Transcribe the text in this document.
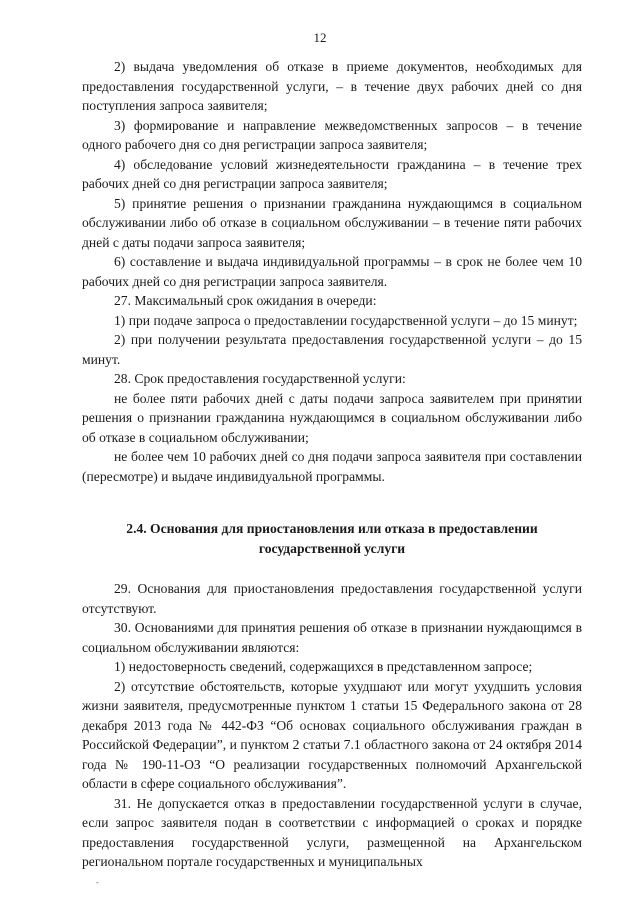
12

2) выдача уведомления об отказе в приеме документов, необходимых для предоставления государственной услуги, – в течение двух рабочих дней со дня поступления запроса заявителя;

3) формирование и направление межведомственных запросов – в течение одного рабочего дня со дня регистрации запроса заявителя;

4) обследование условий жизнедеятельности гражданина – в течение трех рабочих дней со дня регистрации запроса заявителя;

5) принятие решения о признании гражданина нуждающимся в социальном обслуживании либо об отказе в социальном обслуживании – в течение пяти рабочих дней с даты подачи запроса заявителя;

6) составление и выдача индивидуальной программы – в срок не более чем 10 рабочих дней со дня регистрации запроса заявителя.

27. Максимальный срок ожидания в очереди:

1) при подаче запроса о предоставлении государственной услуги – до 15 минут;

2) при получении результата предоставления государственной услуги – до 15 минут.

28. Срок предоставления государственной услуги:

не более пяти рабочих дней с даты подачи запроса заявителем при принятии решения о признании гражданина нуждающимся в социальном обслуживании либо об отказе в социальном обслуживании;

не более чем 10 рабочих дней со дня подачи запроса заявителя при составлении (пересмотре) и выдаче индивидуальной программы.

2.4. Основания для приостановления или отказа в предоставлении государственной услуги

29. Основания для приостановления предоставления государственной услуги отсутствуют.

30. Основаниями для принятия решения об отказе в признании нуждающимся в социальном обслуживании являются:

1) недостоверность сведений, содержащихся в представленном запросе;

2) отсутствие обстоятельств, которые ухудшают или могут ухудшить условия жизни заявителя, предусмотренные пунктом 1 статьи 15 Федерального закона от 28 декабря 2013 года № 442-ФЗ “Об основах социального обслуживания граждан в Российской Федерации”, и пунктом 2 статьи 7.1 областного закона от 24 октября 2014 года № 190-11-ОЗ “О реализации государственных полномочий Архангельской области в сфере социального обслуживания”.

31. Не допускается отказ в предоставлении государственной услуги в случае, если запрос заявителя подан в соответствии с информацией о сроках и порядке предоставления государственной услуги, размещенной на Архангельском региональном портале государственных и муниципальных

-
